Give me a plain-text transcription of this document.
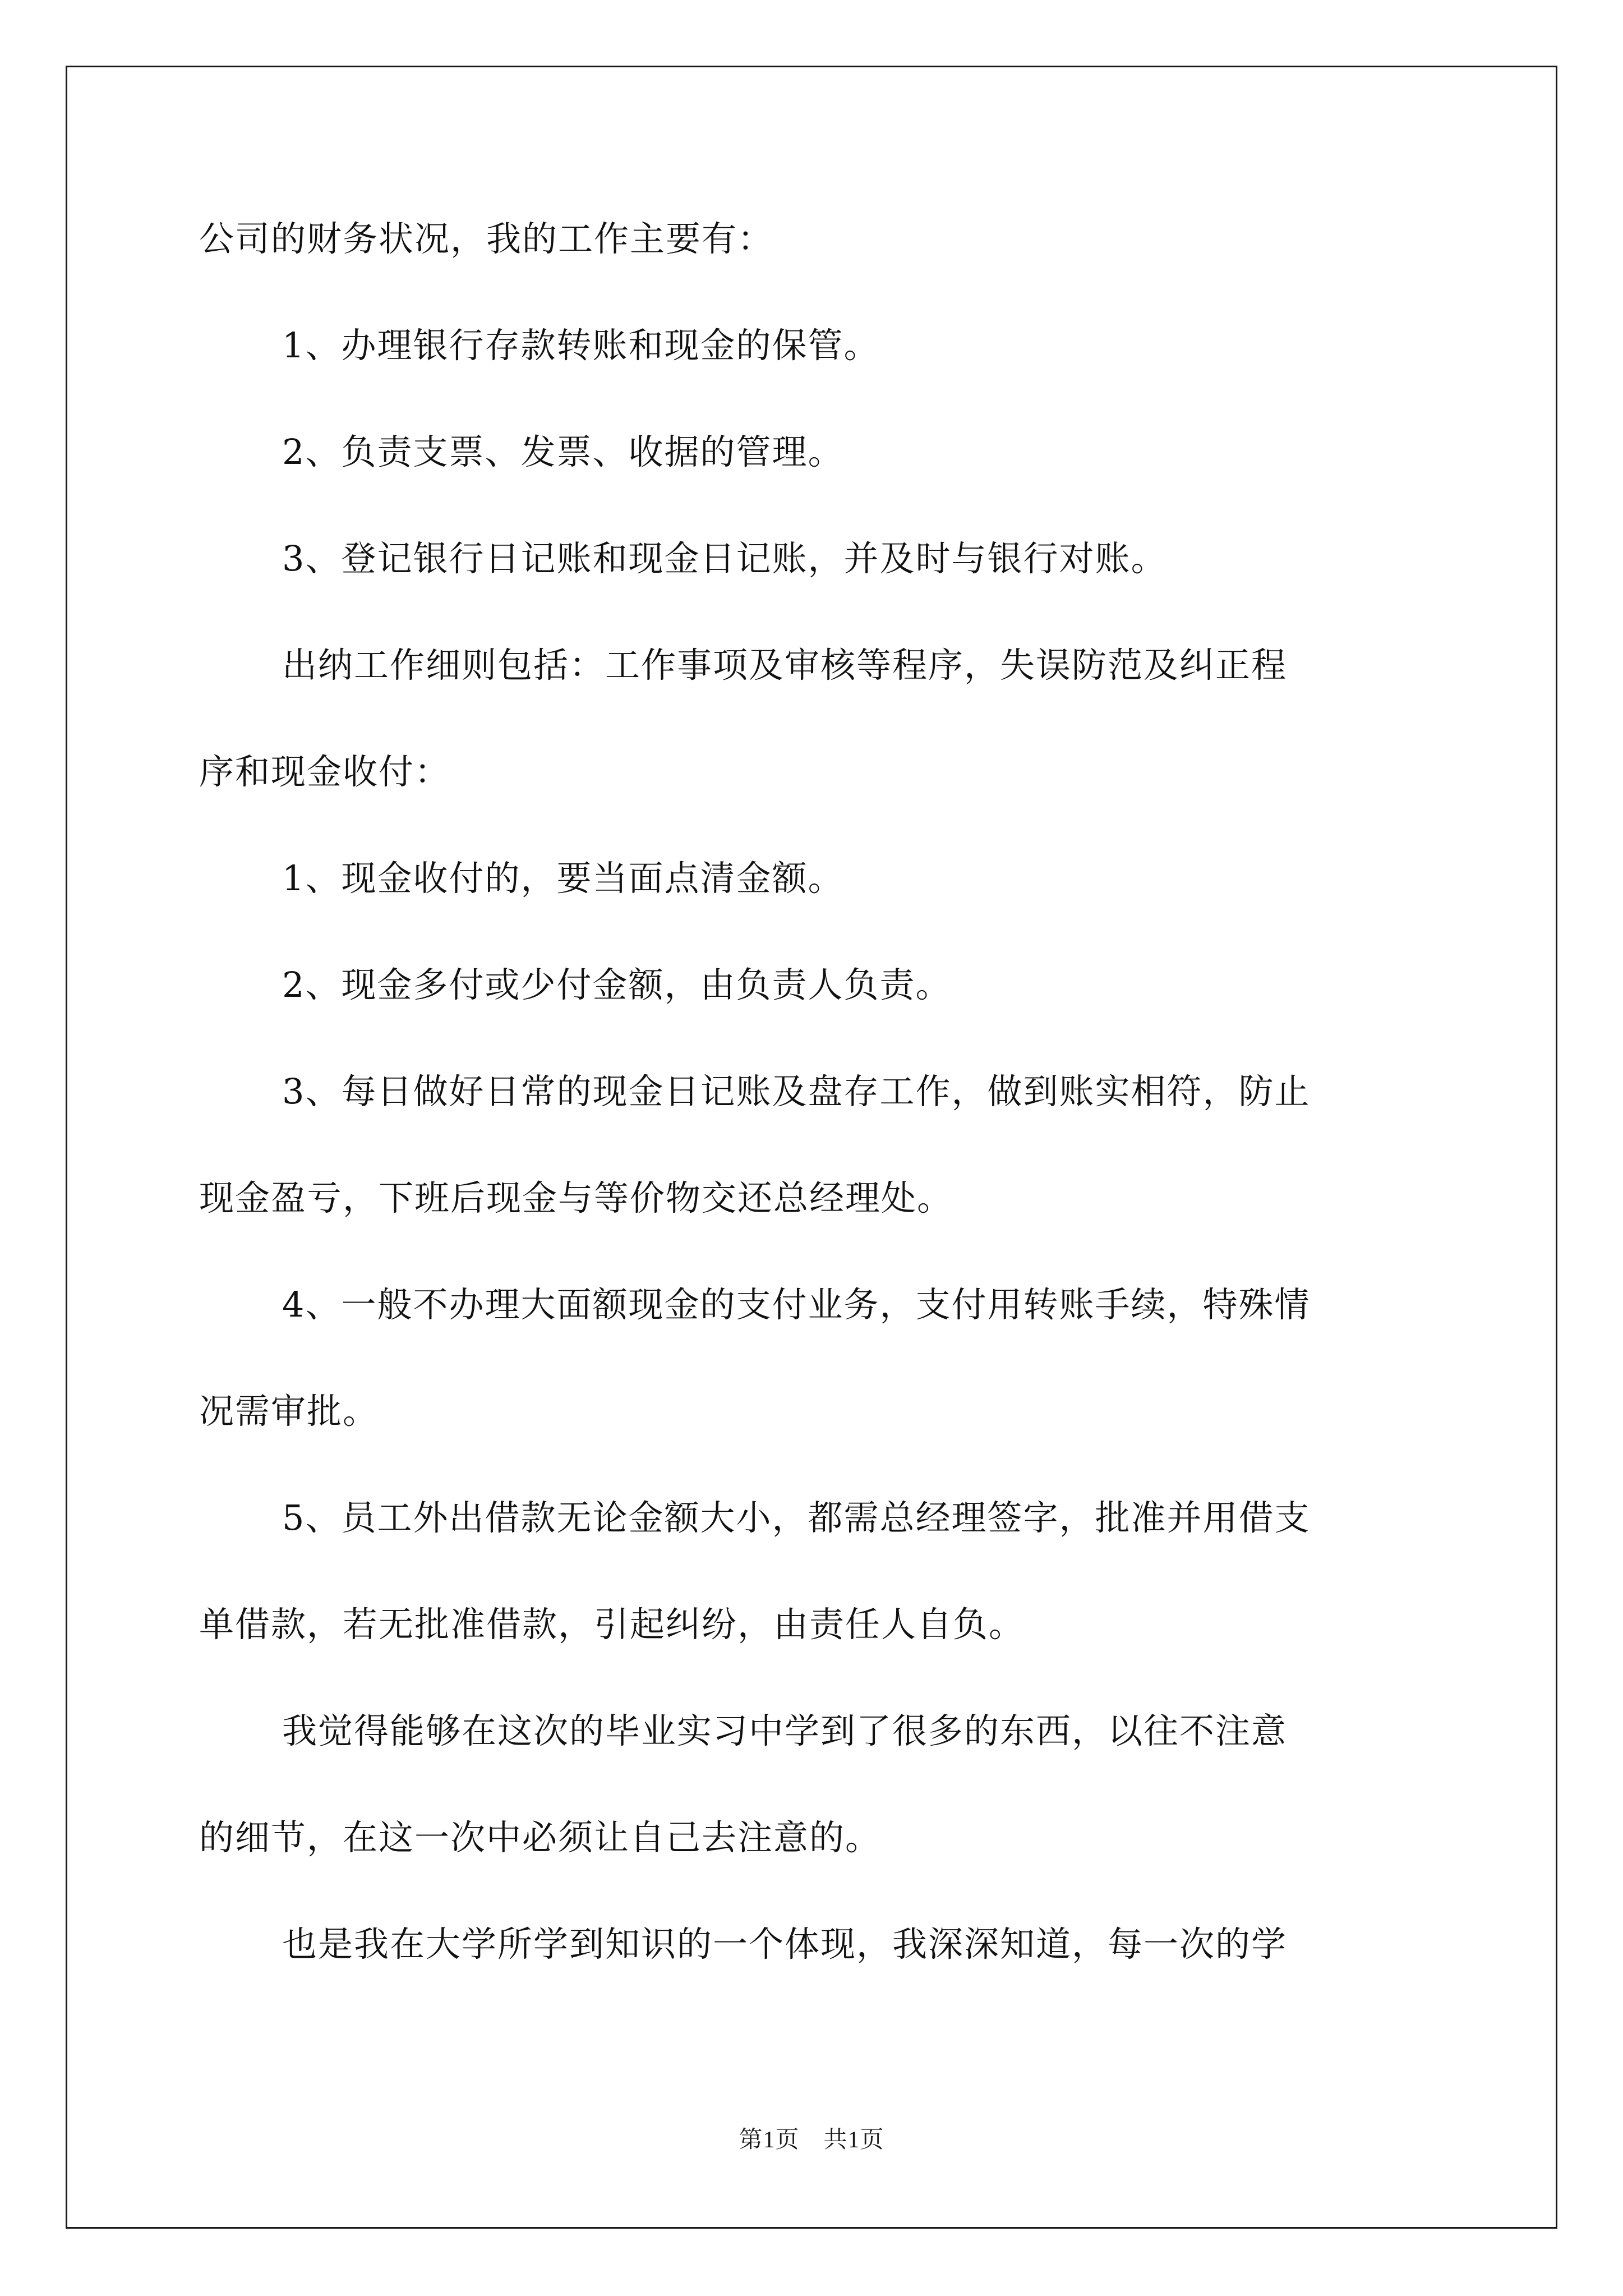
公司的财务状况，我的工作主要有：

1、办理银行存款转账和现金的保管。

2、负责支票、发票、收据的管理。

3、登记银行日记账和现金日记账，并及时与银行对账。

出纳工作细则包括：工作事项及审核等程序，失误防范及纠正程

序和现金收付：

1、现金收付的，要当面点清金额。

2、现金多付或少付金额，由负责人负责。

3、每日做好日常的现金日记账及盘存工作，做到账实相符，防止

现金盈亏，下班后现金与等价物交还总经理处。

4、一般不办理大面额现金的支付业务，支付用转账手续，特殊情

况需审批。

5、员工外出借款无论金额大小，都需总经理签字，批准并用借支

单借款，若无批准借款，引起纠纷，由责任人自负。

我觉得能够在这次的毕业实习中学到了很多的东西，以往不注意

的细节，在这一次中必须让自己去注意的。

也是我在大学所学到知识的一个体现，我深深知道，每一次的学

第1页　共1页
